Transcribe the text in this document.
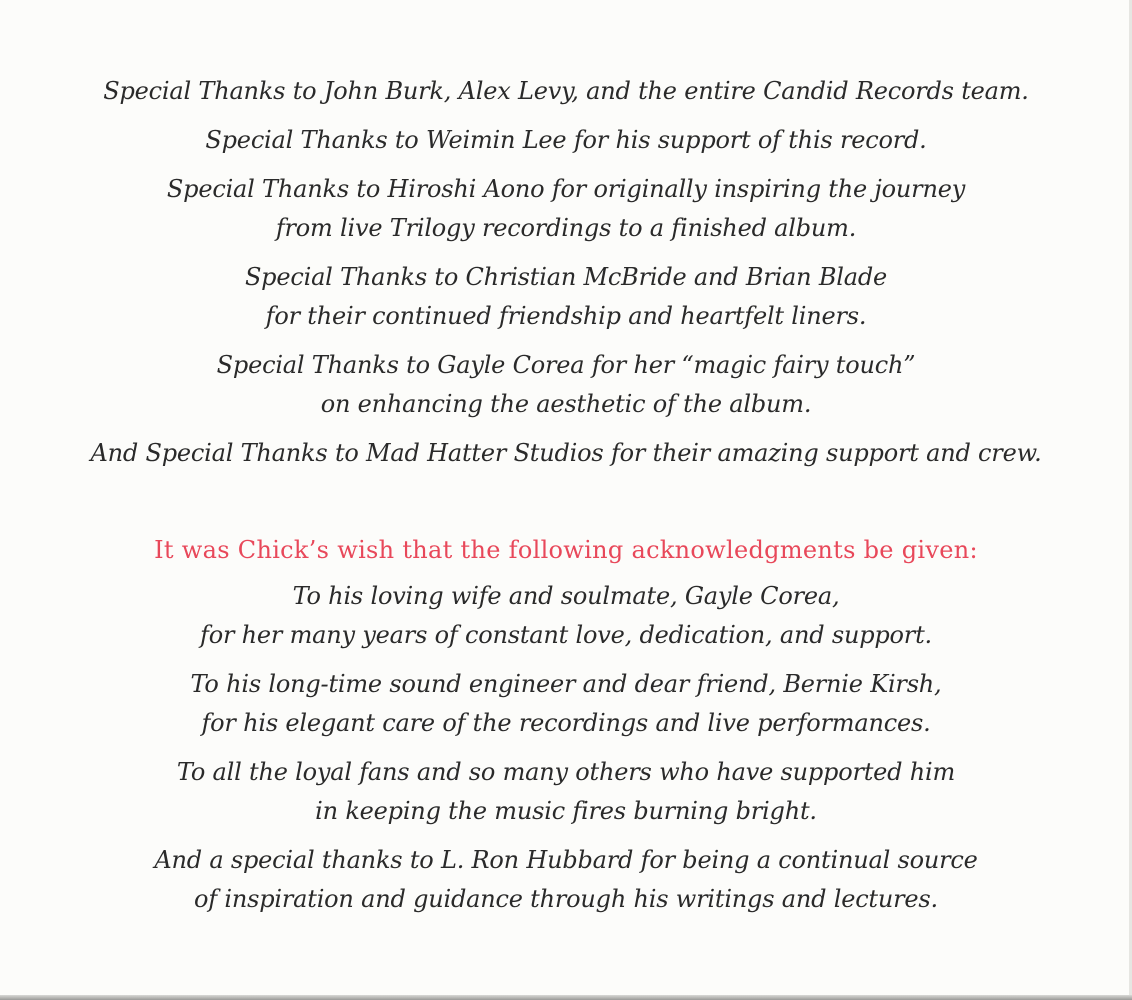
Special Thanks to John Burk, Alex Levy, and the entire Candid Records team.
Special Thanks to Weimin Lee for his support of this record.
Special Thanks to Hiroshi Aono for originally inspiring the journey
from live Trilogy recordings to a finished album.
Special Thanks to Christian McBride and Brian Blade
for their continued friendship and heartfelt liners.
Special Thanks to Gayle Corea for her “magic fairy touch”
on enhancing the aesthetic of the album.
And Special Thanks to Mad Hatter Studios for their amazing support and crew.
It was Chick’s wish that the following acknowledgments be given:
To his loving wife and soulmate, Gayle Corea,
for her many years of constant love, dedication, and support.
To his long-time sound engineer and dear friend, Bernie Kirsh,
for his elegant care of the recordings and live performances.
To all the loyal fans and so many others who have supported him
in keeping the music fires burning bright.
And a special thanks to L. Ron Hubbard for being a continual source
of inspiration and guidance through his writings and lectures.
